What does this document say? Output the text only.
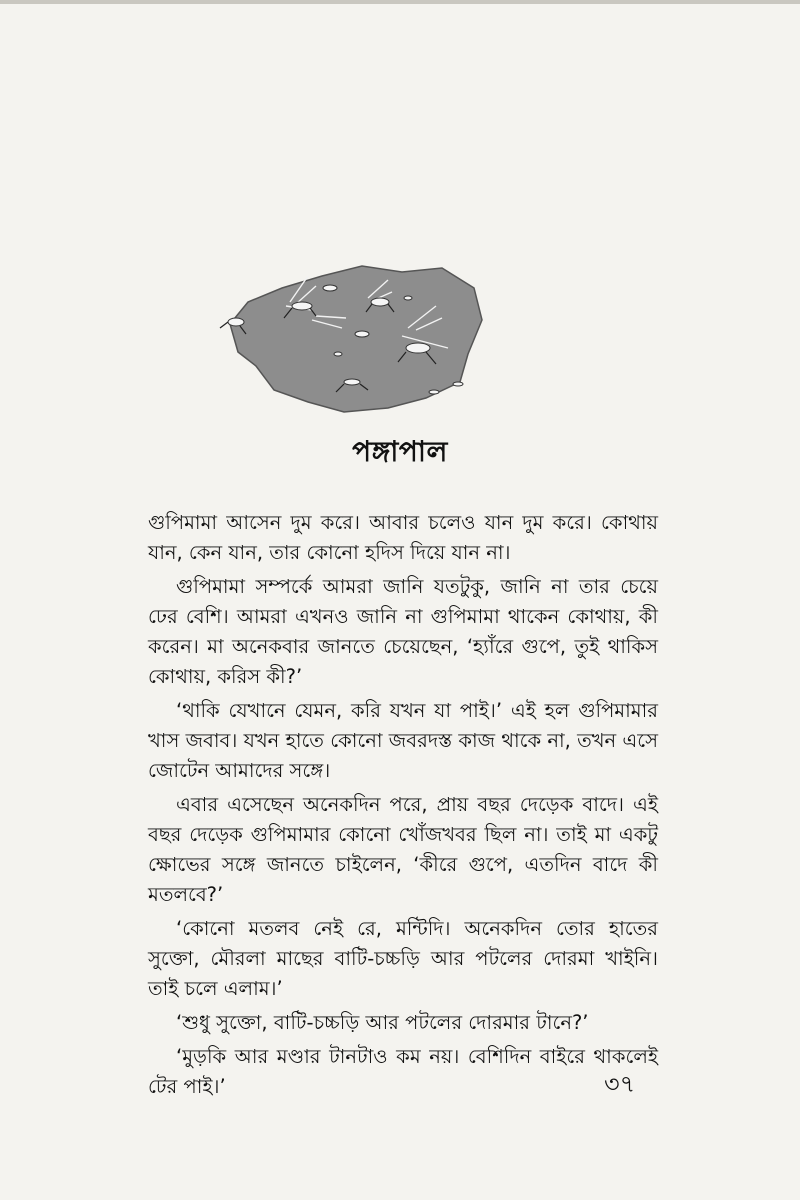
পঙ্গাপাল

গুপিমামা আসেন দুম করে। আবার চলেও যান দুম করে। কোথায় যান, কেন যান, তার কোনো হদিস দিয়ে যান না।

গুপিমামা সম্পর্কে আমরা জানি যতটুকু, জানি না তার চেয়ে ঢের বেশি। আমরা এখনও জানি না গুপিমামা থাকেন কোথায়, কী করেন। মা অনেকবার জানতে চেয়েছেন, ‘হ্যাঁরে গুপে, তুই থাকিস কোথায়, করিস কী?’

‘থাকি যেখানে যেমন, করি যখন যা পাই।’ এই হল গুপিমামার খাস জবাব। যখন হাতে কোনো জবরদস্ত কাজ থাকে না, তখন এসে জোটেন আমাদের সঙ্গে।

এবার এসেছেন অনেকদিন পরে, প্রায় বছর দেড়েক বাদে। এই বছর দেড়েক গুপিমামার কোনো খোঁজখবর ছিল না। তাই মা একটু ক্ষোভের সঙ্গে জানতে চাইলেন, ‘কীরে গুপে, এতদিন বাদে কী মতলবে?’

‘কোনো মতলব নেই রে, মন্টিদি। অনেকদিন তোর হাতের সুক্তো, মৌরলা মাছের বাটি-চচ্চড়ি আর পটলের দোরমা খাইনি। তাই চলে এলাম।’

‘শুধু সুক্তো, বাটি-চচ্চড়ি আর পটলের দোরমার টানে?’

‘মুড়কি আর মণ্ডার টানটাও কম নয়। বেশিদিন বাইরে থাকলেই টের পাই।’	৩৭
